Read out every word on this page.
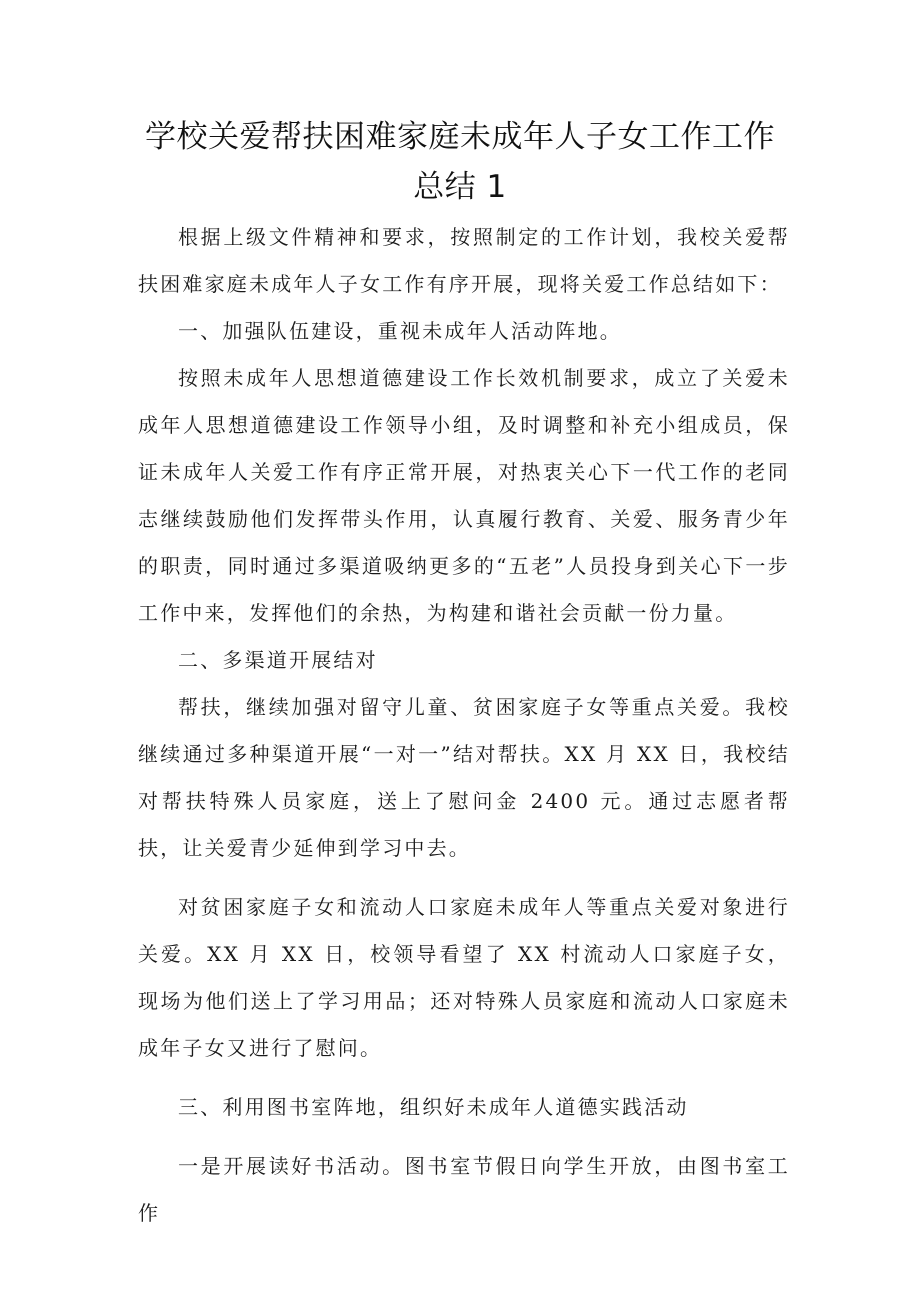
学校关爱帮扶困难家庭未成年人子女工作工作
总结 1

根据上级文件精神和要求，按照制定的工作计划，我校关爱帮扶困难家庭未成年人子女工作有序开展，现将关爱工作总结如下：

一、加强队伍建设，重视未成年人活动阵地。

按照未成年人思想道德建设工作长效机制要求，成立了关爱未成年人思想道德建设工作领导小组，及时调整和补充小组成员，保证未成年人关爱工作有序正常开展，对热衷关心下一代工作的老同志继续鼓励他们发挥带头作用，认真履行教育、关爱、服务青少年的职责，同时通过多渠道吸纳更多的“五老”人员投身到关心下一步工作中来，发挥他们的余热，为构建和谐社会贡献一份力量。

二、多渠道开展结对

帮扶，继续加强对留守儿童、贫困家庭子女等重点关爱。我校继续通过多种渠道开展“一对一”结对帮扶。XX 月 XX 日，我校结对帮扶特殊人员家庭，送上了慰问金 2400 元。通过志愿者帮扶，让关爱青少延伸到学习中去。

对贫困家庭子女和流动人口家庭未成年人等重点关爱对象进行关爱。XX 月 XX 日，校领导看望了 XX 村流动人口家庭子女，现场为他们送上了学习用品；还对特殊人员家庭和流动人口家庭未成年子女又进行了慰问。

三、利用图书室阵地，组织好未成年人道德实践活动

一是开展读好书活动。图书室节假日向学生开放，由图书室工作
